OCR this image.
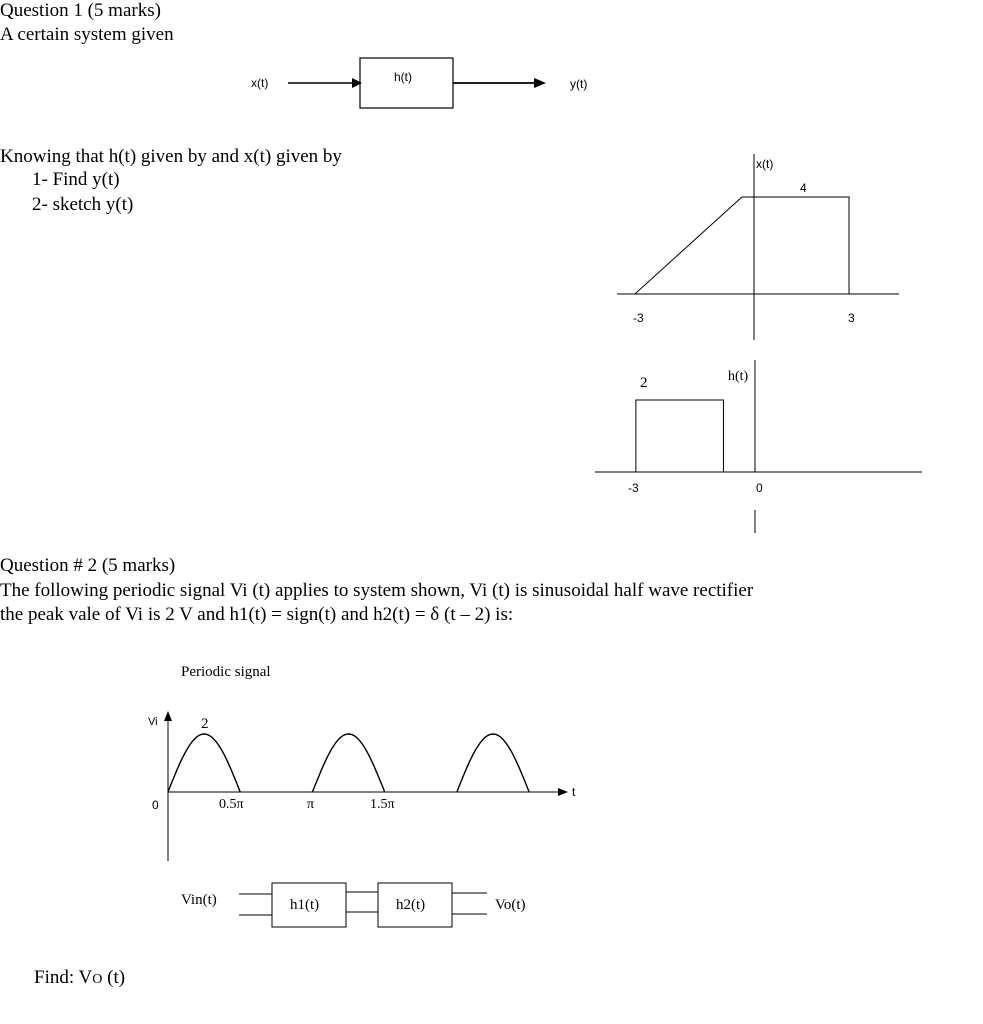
Question 1 (5 marks)
A certain system given
x(t)	h(t)	y(t)
Knowing that h(t) given by and x(t) given by
1- Find y(t)
2- sketch y(t)
x(t)
4
-3	3
h(t)
2
-3	0
Question # 2 (5 marks)
The following periodic signal Vi (t) applies to system shown, Vi (t) is sinusoidal half wave rectifier
the peak vale of Vi is 2 V and h1(t) = sign(t) and h2(t) = δ (t – 2) is:
Periodic signal
Vi	2
0
t
0.5π	π	1.5π
Vin(t)	h1(t)	h2(t)	Vo(t)
Find: VO (t)
